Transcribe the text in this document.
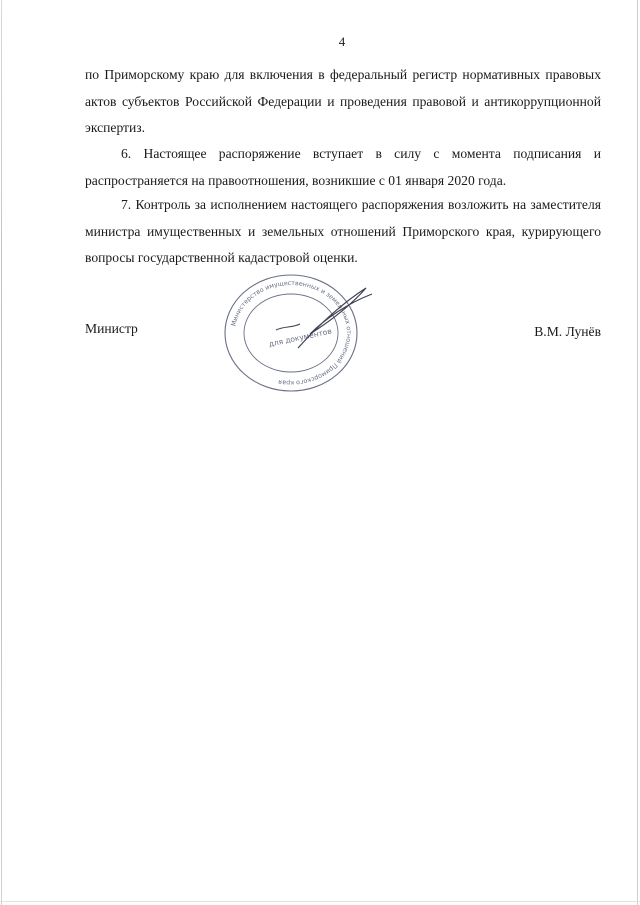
4

по Приморскому краю для включения в федеральный регистр нормативных правовых актов субъектов Российской Федерации и проведения правовой и антикоррупционной экспертиз.

6. Настоящее распоряжение вступает в силу с момента подписания и распространяется на правоотношения, возникшие с 01 января 2020 года.

7. Контроль за исполнением настоящего распоряжения возложить на заместителя министра имущественных и земельных отношений Приморского края, курирующего вопросы государственной кадастровой оценки.

Министерство имущественных и земельных отношений Приморского края
для документов
Министр	В.М. Лунёв
